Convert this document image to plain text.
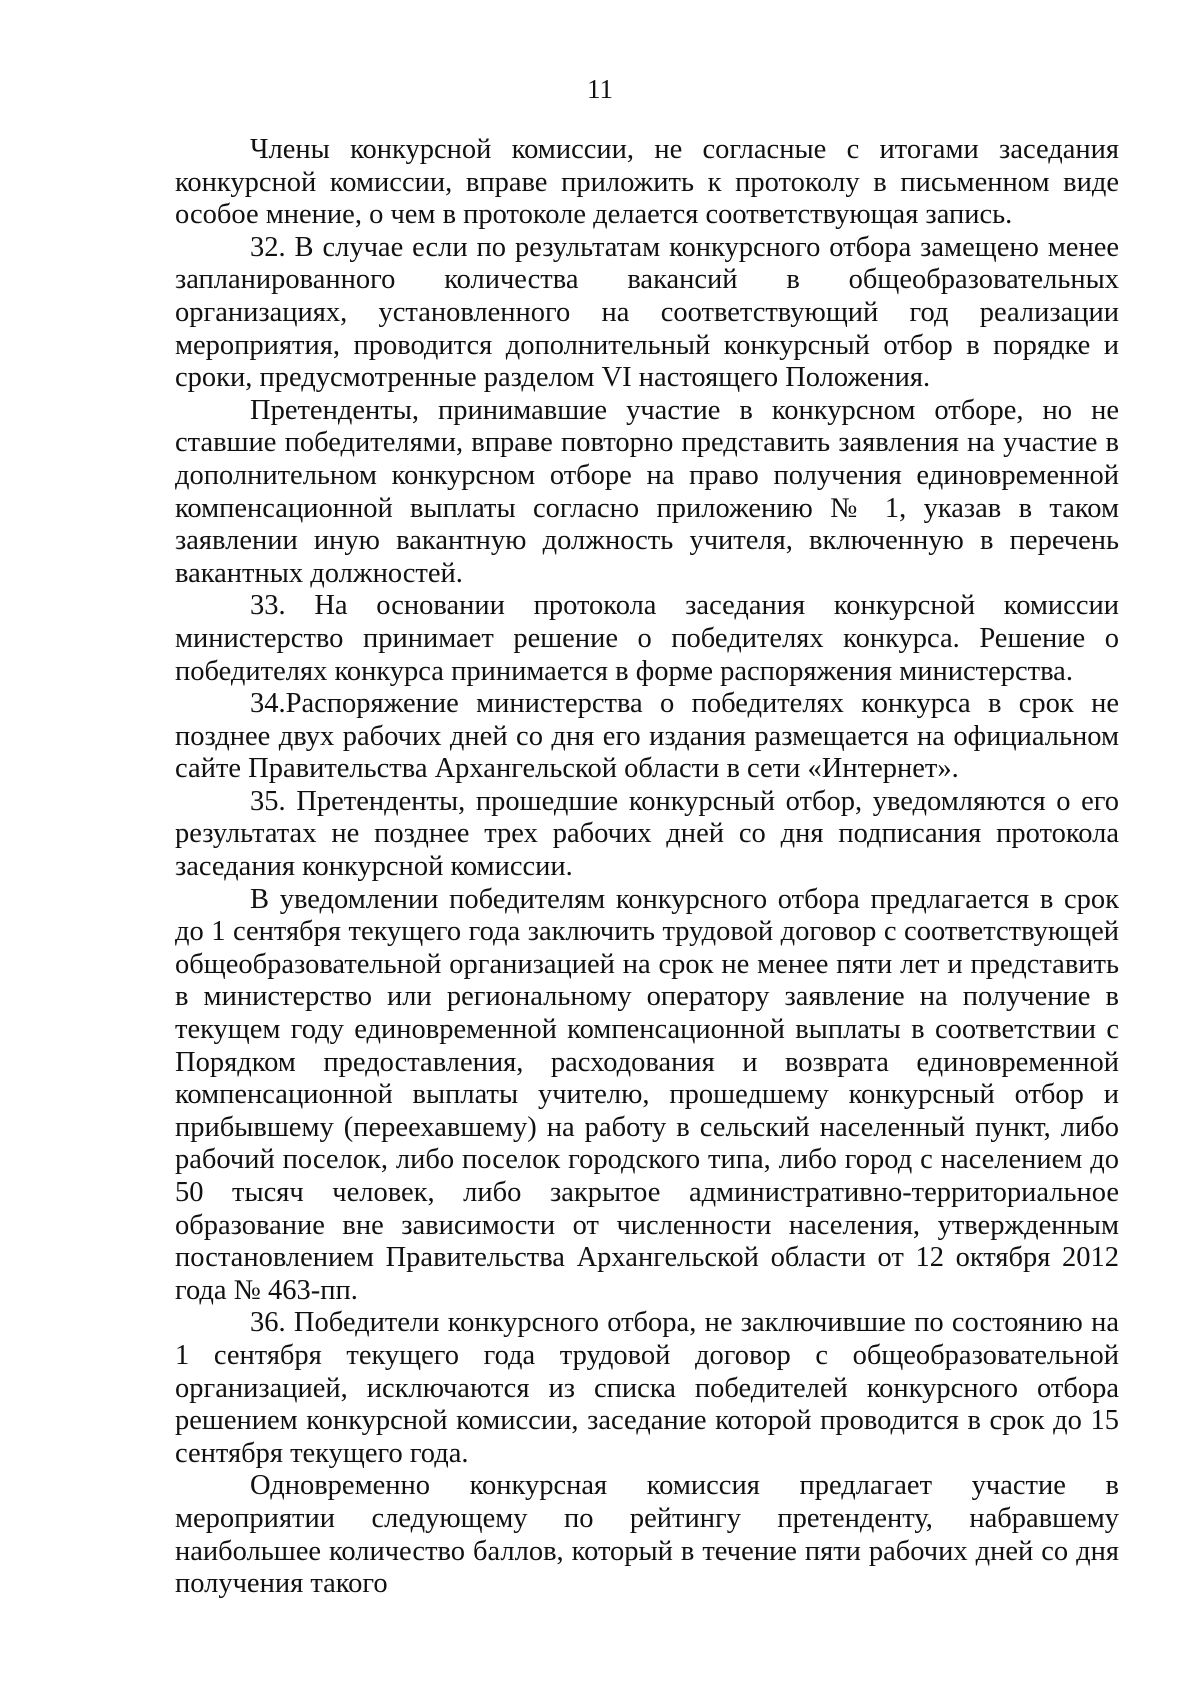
11

Члены конкурсной комиссии, не согласные с итогами заседания конкурсной комиссии, вправе приложить к протоколу в письменном виде особое мнение, о чем в протоколе делается соответствующая запись.

32. В случае если по результатам конкурсного отбора замещено менее запланированного количества вакансий в общеобразовательных организациях, установленного на соответствующий год реализации мероприятия, проводится дополнительный конкурсный отбор в порядке и сроки, предусмотренные разделом VI настоящего Положения.

Претенденты, принимавшие участие в конкурсном отборе, но не ставшие победителями, вправе повторно представить заявления на участие в дополнительном конкурсном отборе на право получения единовременной компенсационной выплаты согласно приложению № 1, указав в таком заявлении иную вакантную должность учителя, включенную в перечень вакантных должностей.

33. На основании протокола заседания конкурсной комиссии министерство принимает решение о победителях конкурса. Решение о победителях конкурса принимается в форме распоряжения министерства.

34.Распоряжение министерства о победителях конкурса в срок не позднее двух рабочих дней со дня его издания размещается на официальном сайте Правительства Архангельской области в сети «Интернет».

35. Претенденты, прошедшие конкурсный отбор, уведомляются о его результатах не позднее трех рабочих дней со дня подписания протокола заседания конкурсной комиссии.

В уведомлении победителям конкурсного отбора предлагается в срок до 1 сентября текущего года заключить трудовой договор с соответствующей общеобразовательной организацией на срок не менее пяти лет и представить в министерство или региональному оператору заявление на получение в текущем году единовременной компенсационной выплаты в соответствии с Порядком предоставления, расходования и возврата единовременной компенсационной выплаты учителю, прошедшему конкурсный отбор и прибывшему (переехавшему) на работу в сельский населенный пункт, либо рабочий поселок, либо поселок городского типа, либо город с населением до 50 тысяч человек, либо закрытое административно-территориальное образование вне зависимости от численности населения, утвержденным постановлением Правительства Архангельской области от 12 октября 2012 года № 463-пп.

36. Победители конкурсного отбора, не заключившие по состоянию на 1 сентября текущего года трудовой договор с общеобразовательной организацией, исключаются из списка победителей конкурсного отбора решением конкурсной комиссии, заседание которой проводится в срок до 15 сентября текущего года.

Одновременно конкурсная комиссия предлагает участие в мероприятии следующему по рейтингу претенденту, набравшему наибольшее количество баллов, который в течение пяти рабочих дней со дня получения такого
